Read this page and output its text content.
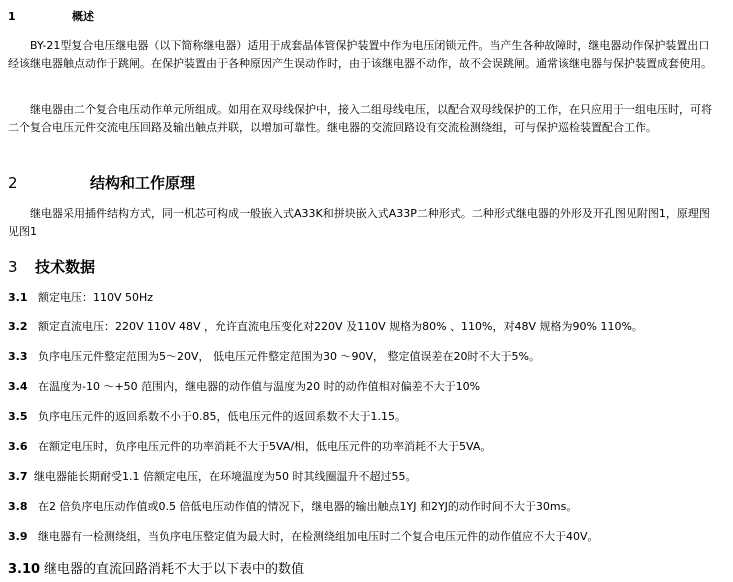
1	概述
BY-21型复合电压继电器（以下简称继电器）适用于成套晶体管保护装置中作为电压闭锁元件。当产生各种故障时，继电器动作保护装置出口经该继电器触点动作于跳闸。在保护装置由于各种原因产生误动作时，由于该继电器不动作，故不会误跳闸。通常该继电器与保护装置成套使用。
继电器由二个复合电压动作单元所组成。如用在双母线保护中，接入二组母线电压，以配合双母线保护的工作，在只应用于一组电压时，可将二个复合电压元件交流电压回路及输出触点并联，以增加可靠性。继电器的交流回路设有交流检测绕组，可与保护巡检装置配合工作。
2	结构和工作原理
继电器采用插件结构方式，同一机芯可构成一般嵌入式A33K和拼块嵌入式A33P二种形式。二种形式继电器的外形及开孔图见附图1，原理图见图1
3 技术数据
3.1 额定电压：110V 50Hz
3.2 额定直流电压：220V 110V 48V ，允许直流电压变化对220V 及110V 规格为80% 、110%，对48V 规格为90% 110%。
3.3 负序电压元件整定范围为5～20V， 低电压元件整定范围为30 ～90V， 整定值误差在20时不大于5%。
3.4 在温度为-10 ～+50 范围内，继电器的动作值与温度为20 时的动作值相对偏差不大于10%
3.5 负序电压元件的返回系数不小于0.85，低电压元件的返回系数不大于1.15。
3.6 在额定电压时，负序电压元件的功率消耗不大于5VA/相，低电压元件的功率消耗不大于5VA。
3.7 继电器能长期耐受1.1 倍额定电压，在环境温度为50 时其线圈温升不超过55。
3.8 在2 倍负序电压动作值或0.5 倍低电压动作值的情况下，继电器的输出触点1YJ 和2YJ的动作时间不大于30ms。
3.9 继电器有一检测绕组，当负序电压整定值为最大时，在检测绕组加电压时二个复合电压元件的动作值应不大于40V。
3.10 继电器的直流回路消耗不大于以下表中的数值
